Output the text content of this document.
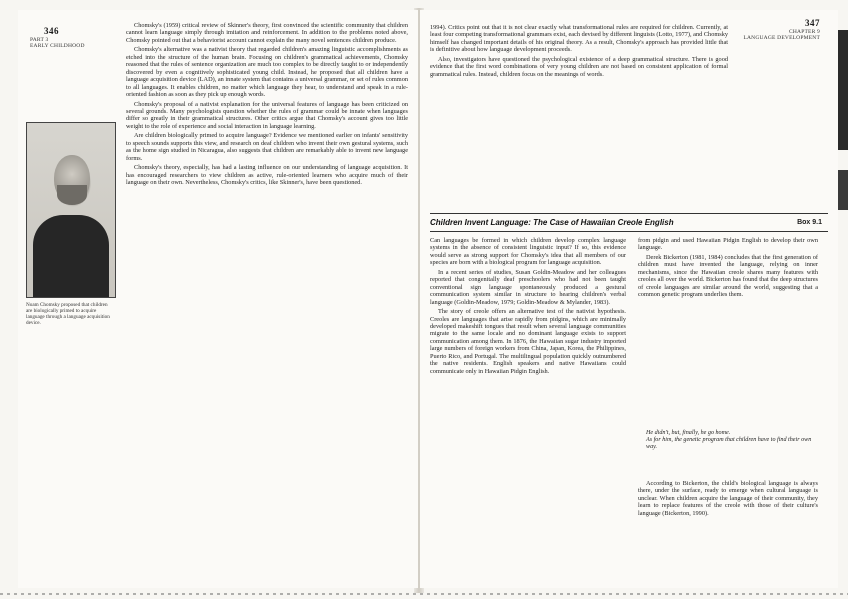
346
PART 3
EARLY CHILDHOOD
Noam Chomsky proposed that children are biologically primed to acquire language through a language acquisition device.

Chomsky's (1959) critical review of Skinner's theory, first convinced the scientific community that children cannot learn language simply through imitation and reinforcement. In addition to the problems noted above, Chomsky pointed out that a behaviorist account cannot explain the many novel sentences children produce.

Chomsky's alternative was a nativist theory that regarded children's amazing linguistic accomplishments as etched into the structure of the human brain. Focusing on children's grammatical achievements, Chomsky reasoned that the rules of sentence organization are much too complex to be directly taught to or independently discovered by even a cognitively sophisticated young child. Instead, he proposed that all children have a language acquisition device (LAD), an innate system that contains a universal grammar, or set of rules common to all languages. It enables children, no matter which language they hear, to understand and speak in a rule-oriented fashion as soon as they pick up enough words.

Chomsky's proposal of a nativist explanation for the universal features of language has been criticized on several grounds. Many psychologists question whether the rules of grammar could be innate when languages differ so greatly in their grammatical structures. Other critics argue that Chomsky's account gives too little weight to the role of experience and social interaction in language learning.

Are children biologically primed to acquire language? Evidence we mentioned earlier on infants' sensitivity to speech sounds supports this view, and research on deaf children who invent their own gestural systems, such as the home sign studied in Nicaragua, also suggests that children are remarkably able to invent new language forms.

Chomsky's theory, especially, has had a lasting influence on our understanding of language acquisition. It has encouraged researchers to view children as active, rule-oriented learners who acquire much of their language on their own. Nevertheless, Chomsky's critics, like Skinner's, have been questioned.

347
CHAPTER 9
LANGUAGE DEVELOPMENT

1994). Critics point out that it is not clear exactly what transformational rules are required for children. Currently, at least four competing transformational grammars exist, each devised by different linguists (Lotto, 1977), and Chomsky himself has changed important details of his original theory. As a result, Chomsky's approach has provided little that is definitive about how language development proceeds.

Also, investigators have questioned the psychological existence of a deep grammatical structure. There is good evidence that the first word combinations of very young children are not based on consistent application of formal grammatical rules. Instead, children focus on the meanings of words.

Children Invent Language: The Case of Hawaiian Creole English	Box 9.1

Can languages be formed in which children develop complex language systems in the absence of consistent linguistic input? If so, this evidence would serve as strong support for Chomsky's idea that all members of our species are born with a biological program for language acquisition.

In a recent series of studies, Susan Goldin-Meadow and her colleagues reported that congenitally deaf preschoolers who had not been taught conventional sign language spontaneously produced a gestural communication system similar in structure to hearing children's verbal language (Goldin-Meadow, 1979; Goldin-Meadow & Mylander, 1983).

The story of creole offers an alternative test of the nativist hypothesis. Creoles are languages that arise rapidly from pidgins, which are minimally developed makeshift tongues that result when several language communities migrate to the same locale and no dominant language exists to support communication among them. In 1876, the Hawaiian sugar industry imported large numbers of foreign workers from China, Japan, Korea, the Philippines, Puerto Rico, and Portugal. The multilingual population quickly outnumbered the native residents. English speakers and native Hawaiians could communicate only in Hawaiian Pidgin English.

from pidgin and used Hawaiian Pidgin English to develop their own language.

Derek Bickerton (1981, 1984) concludes that the first generation of children must have invented the language, relying on inner mechanisms, since the Hawaiian creole shares many features with creoles all over the world. Bickerton has found that the deep structures of creole languages are similar around the world, suggesting that a common genetic program underlies them.

He didn't, but, finally, he go home.
As for him, the genetic program that children have to find their own way.

According to Bickerton, the child's biological language is always there, under the surface, ready to emerge when cultural language is unclear. When children acquire the language of their community, they learn to replace features of the creole with those of their culture's language (Bickerton, 1990).
